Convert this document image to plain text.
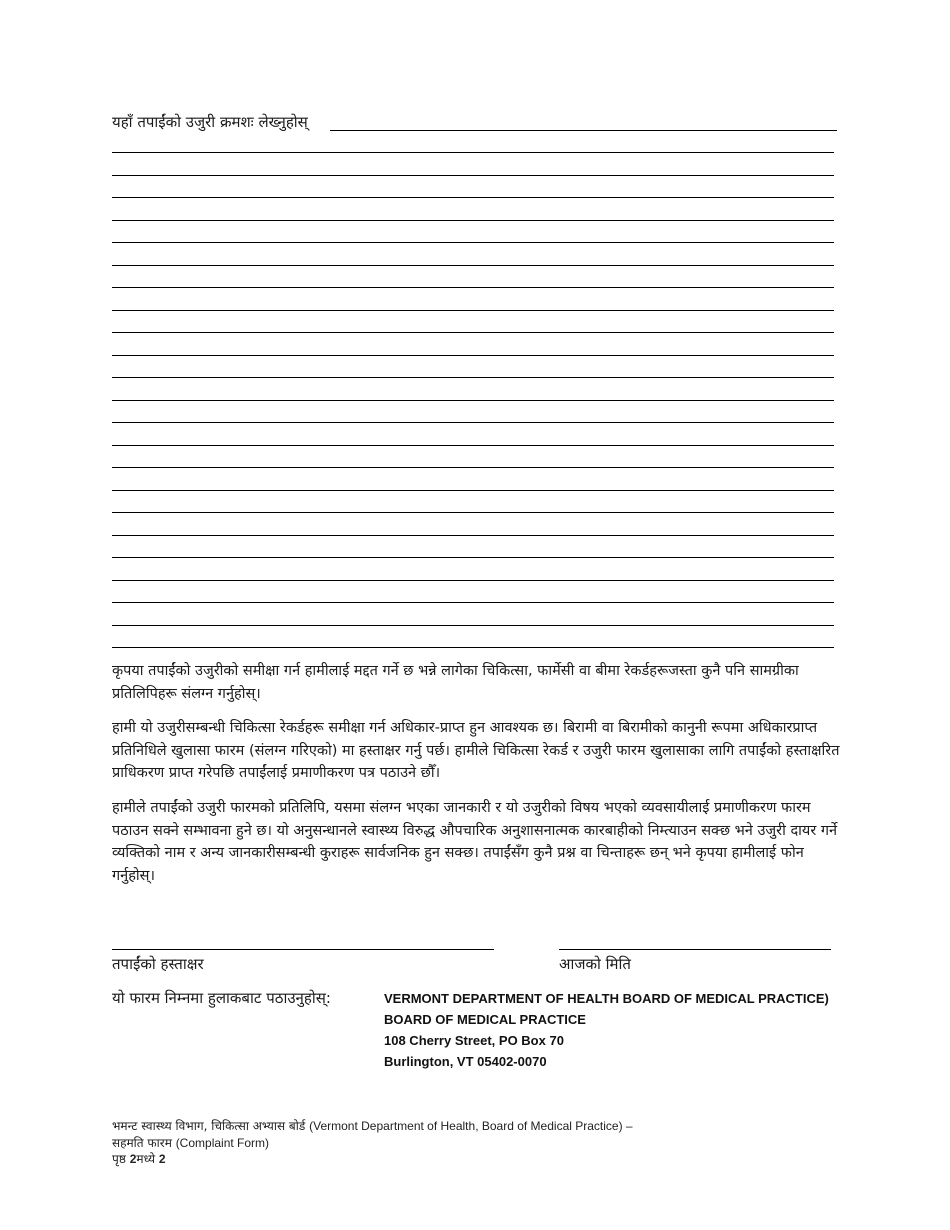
यहाँ तपाईंको उजुरी क्रमशः लेख्नुहोस्

कृपया तपाईंको उजुरीको समीक्षा गर्न हामीलाई मद्दत गर्ने छ भन्ने लागेका चिकित्सा, फार्मेसी वा बीमा रेकर्डहरूजस्ता कुनै पनि सामग्रीका प्रतिलिपिहरू संलग्न गर्नुहोस्।

हामी यो उजुरीसम्बन्धी चिकित्सा रेकर्डहरू समीक्षा गर्न अधिकार-प्राप्त हुन आवश्यक छ। बिरामी वा बिरामीको कानुनी रूपमा अधिकारप्राप्त प्रतिनिधिले खुलासा फारम (संलग्न गरिएको) मा हस्ताक्षर गर्नु पर्छ। हामीले चिकित्सा रेकर्ड र उजुरी फारम खुलासाका लागि तपाईंको हस्ताक्षरित प्राधिकरण प्राप्त गरेपछि तपाईंलाई प्रमाणीकरण पत्र पठाउने छौँ।

हामीले तपाईंको उजुरी फारमको प्रतिलिपि, यसमा संलग्न भएका जानकारी र यो उजुरीको विषय भएको व्यवसायीलाई प्रमाणीकरण फारम पठाउन सक्ने सम्भावना हुने छ। यो अनुसन्धानले स्वास्थ्य विरुद्ध औपचारिक अनुशासनात्मक कारबाहीको निम्त्याउन सक्छ भने उजुरी दायर गर्ने व्यक्तिको नाम र अन्य जानकारीसम्बन्धी कुराहरू सार्वजनिक हुन सक्छ। तपाईंसँग कुनै प्रश्न वा चिन्ताहरू छन् भने कृपया हामीलाई फोन गर्नुहोस्।

तपाईंको हस्ताक्षर	आजको मिति
यो फारम निम्नमा हुलाकबाट पठाउनुहोस्:	VERMONT DEPARTMENT OF HEALTH BOARD OF MEDICAL PRACTICE)
BOARD OF MEDICAL PRACTICE
108 Cherry Street, PO Box 70
Burlington, VT 05402-0070
भमन्ट स्वास्थ्य विभाग, चिकित्सा अभ्यास बोर्ड (Vermont Department of Health, Board of Medical Practice) –
सहमति फारम (Complaint Form)
पृष्ठ 2मध्ये 2
